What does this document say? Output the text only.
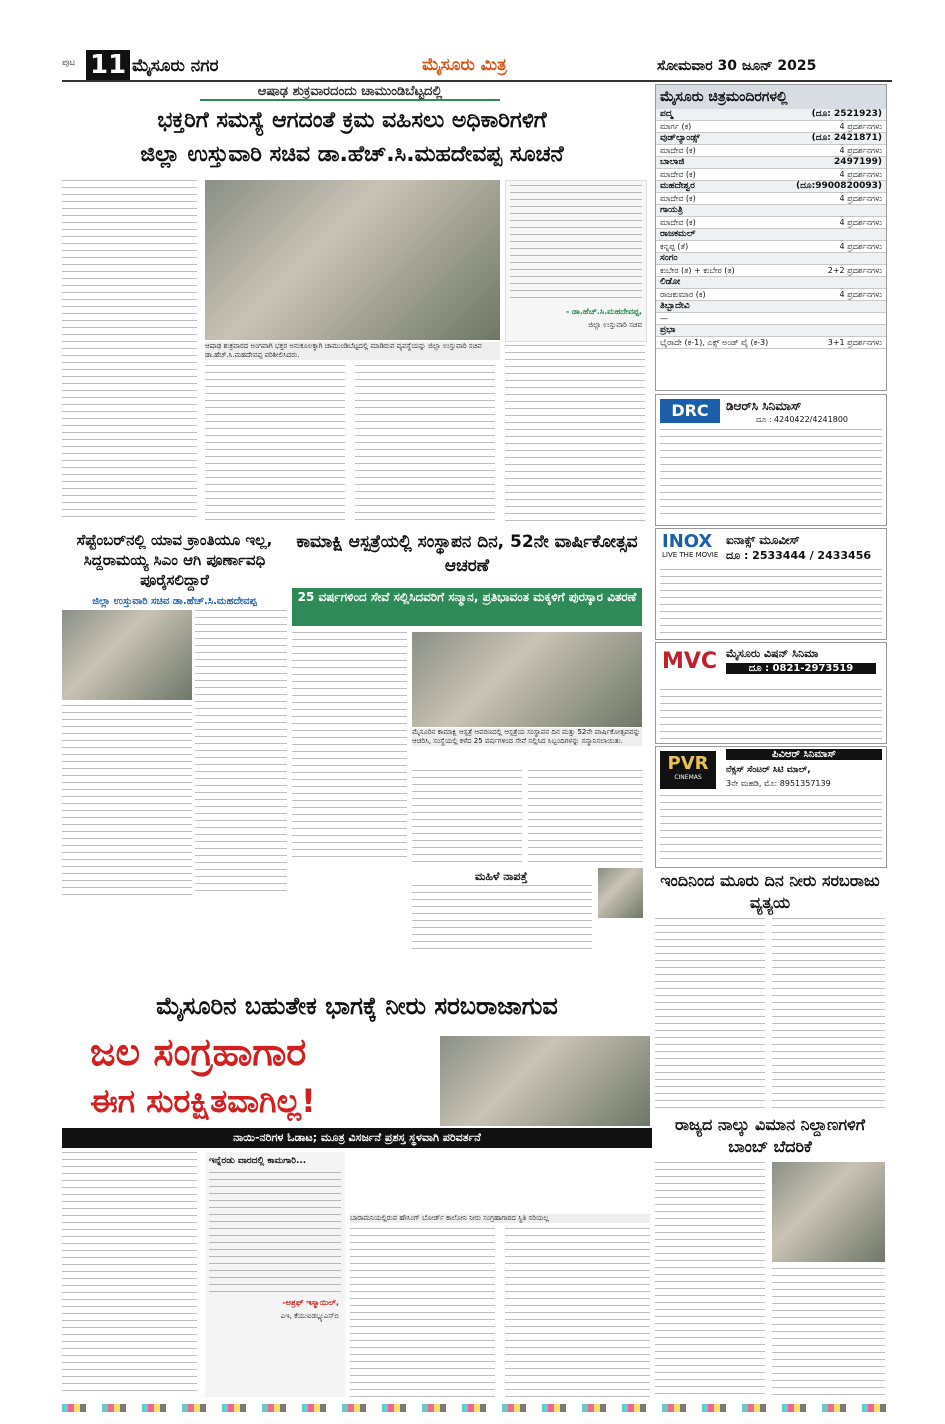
ಪುಟ 11 ಮೈಸೂರು ನಗರ	ಮೈಸೂರು ಮಿತ್ರ	ಸೋಮವಾರ 30 ಜೂನ್ 2025
ಆಷಾಢ ಶುಕ್ರವಾರದಂದು ಚಾಮುಂಡಿಬೆಟ್ಟದಲ್ಲಿ
ಭಕ್ತರಿಗೆ ಸಮಸ್ಯೆ ಆಗದಂತೆ ಕ್ರಮ ವಹಿಸಲು ಅಧಿಕಾರಿಗಳಿಗೆ
ಜಿಲ್ಲಾ ಉಸ್ತುವಾರಿ ಸಚಿವ ಡಾ.ಹೆಚ್.ಸಿ.ಮಹದೇವಪ್ಪ ಸೂಚನೆ
ಆಷಾಢ ಶುಕ್ರವಾರದ ಅಂಗವಾಗಿ ಭಕ್ತರ ಅನುಕೂಲಕ್ಕಾಗಿ ಚಾಮುಂಡಿಬೆಟ್ಟದಲ್ಲಿ ಮಾಡಿರುವ ವ್ಯವಸ್ಥೆಯನ್ನು ಜಿಲ್ಲಾ ಉಸ್ತುವಾರಿ ಸಚಿವ ಡಾ.ಹೆಚ್.ಸಿ.ಮಹದೇವಪ್ಪ ಪರಿಶೀಲಿಸಿದರು.
- ಡಾ.ಹೆಚ್.ಸಿ.ಮಹದೇವಪ್ಪ,
ಜಿಲ್ಲಾ ಉಸ್ತುವಾರಿ ಸಚಿವ
ಸೆಪ್ಟೆಂಬರ್‌ನಲ್ಲಿ ಯಾವ ಕ್ರಾಂತಿಯೂ ಇಲ್ಲ, ಸಿದ್ದರಾಮಯ್ಯ ಸಿಎಂ ಆಗಿ ಪೂರ್ಣಾವಧಿ ಪೂರೈಸಲಿದ್ದಾರೆ
ಜಿಲ್ಲಾ ಉಸ್ತುವಾರಿ ಸಚಿವ ಡಾ.ಹೆಚ್.ಸಿ.ಮಹದೇವಪ್ಪ
ಕಾಮಾಕ್ಷಿ ಆಸ್ಪತ್ರೆಯಲ್ಲಿ ಸಂಸ್ಥಾಪನ ದಿನ, 52ನೇ ವಾರ್ಷಿಕೋತ್ಸವ ಆಚರಣೆ
25 ವರ್ಷಗಳಿಂದ ಸೇವೆ ಸಲ್ಲಿಸಿದವರಿಗೆ ಸನ್ಮಾನ, ಪ್ರತಿಭಾವಂತ ಮಕ್ಕಳಿಗೆ ಪುರಸ್ಕಾರ ವಿತರಣೆ
ಮೈಸೂರಿನ ಕಾಮಾಕ್ಷಿ ಆಸ್ಪತ್ರೆ ಆವರಣದಲ್ಲಿ ಆಸ್ಪತ್ರೆಯ ಸಂಸ್ಥಾಪನ ದಿನ ಮತ್ತು 52ನೇ ವಾರ್ಷಿಕೋತ್ಸವವನ್ನು ಆಚರಿಸಿ, ಸಂಸ್ಥೆಯಲ್ಲಿ ಕಳೆದ 25 ವರ್ಷಗಳಿಂದ ಸೇವೆ ಸಲ್ಲಿಸಿದ ಸಿಬ್ಬಂದಿಗಳನ್ನು ಸನ್ಮಾನಿಸಲಾಯಿತು.
ಮಹಿಳೆ ನಾಪತ್ತೆ
ಮೈಸೂರಿನ ಬಹುತೇಕ ಭಾಗಕ್ಕೆ ನೀರು ಸರಬರಾಜಾಗುವ
ಜಲ ಸಂಗ್ರಹಾಗಾರ
ಈಗ ಸುರಕ್ಷಿತವಾಗಿಲ್ಲ!
ನಾಯಿ-ನರಿಗಳ ಓಡಾಟ; ಮೂತ್ರ ವಿಸರ್ಜನೆ ಪ್ರಶಸ್ತ ಸ್ಥಳವಾಗಿ ಪರಿವರ್ತನೆ
ಇನ್ನೆರಡು ವಾರದಲ್ಲಿ ಕಾಮಗಾರಿ...
-ಅಶ್ರಫ್ ಇಸ್ಮಾಯಿಲ್,
ಎಇ, ಕೆಯುಐಡಬ್ಲ್ಯುಎಸ್‌ಬಿ
ಬಾರಾಮನಿಯಲ್ಲಿರುವ ಹೌಸಿಂಗ್ ಬೋರ್ಡ್ ಕಾಲೋನಿ ನೀರು ಸಂಗ್ರಹಾಗಾರದ ಸ್ಥಿತಿ ಸರಿಯಲ್ಲ
ಮೈಸೂರು ಚಿತ್ರಮಂದಿರಗಳಲ್ಲಿ
ಪದ್ಮ	(ದೂ: 2521923)
ಮಾರ್ಗ (ಕ)	4 ಪ್ರದರ್ಶನಗಳು
ವುಡ್‌ಲ್ಯಾಂಡ್ಸ್	(ದೂ: 2421871)
ಮಾದೇವ (ಕ)	4 ಪ್ರದರ್ಶನಗಳು
ಬಾಲಾಜಿ	2497199)
ಮಾದೇವ (ಕ)	4 ಪ್ರದರ್ಶನಗಳು
ಮಹದೇಶ್ವರ	(ದೂ:9900820093)
ಮಾದೇವ (ಕ)	4 ಪ್ರದರ್ಶನಗಳು
ಗಾಯತ್ರಿ
ಮಾದೇವ (ಕ)	4 ಪ್ರದರ್ಶನಗಳು
ರಾಜಕಮಲ್
ಕನ್ನಪ್ಪ (ತೆ)	4 ಪ್ರದರ್ಶನಗಳು
ಸಂಗಂ
ಕುಬೇರ (ತ) + ಕುಬೇರ (ತ)	2+2 ಪ್ರದರ್ಶನಗಳು
ಲಿಡೋ
ರಾಜಕುಮಾರ (ಕ)	4 ಪ್ರದರ್ಶನಗಳು
ತಿಬ್ಬಾದೇವಿ
—
ಪ್ರಭಾ
ಭೈರಾದೇ (ಕ-1), ಎಕ್ಸ್ ಅಂಡ್ ವೈ (ಕ-3)	3+1 ಪ್ರದರ್ಶನಗಳು
DRC	ಡಿಆರ್‌ಸಿ ಸಿನಿಮಾಸ್
ದೂ : 4240422/4241800
INOX
LIVE THE MOVIE
ಐನಾಕ್ಸ್ ಮೂವೀಸ್
ದೂ : 2533444 / 2433456
MVC ಮೈಸೂರು ವಿಷನ್ ಸಿನಿಮಾ
ದೂ : 0821-2973519
PVR
CINEMAS
ಪಿವಿಆರ್ ಸಿನಿಮಾಸ್
ನೆಕ್ಸಸ್ ಸೆಂಟರ್ ಸಿಟಿ ಮಾಲ್,
3ನೇ ಮಹಡಿ, ಮೊ: 8951357139
ಇಂದಿನಿಂದ ಮೂರು ದಿನ ನೀರು ಸರಬರಾಜು ವ್ಯತ್ಯಯ
ರಾಜ್ಯದ ನಾಲ್ಕು ವಿಮಾನ ನಿಲ್ದಾಣಗಳಿಗೆ ಬಾಂಬ್ ಬೆದರಿಕೆ
